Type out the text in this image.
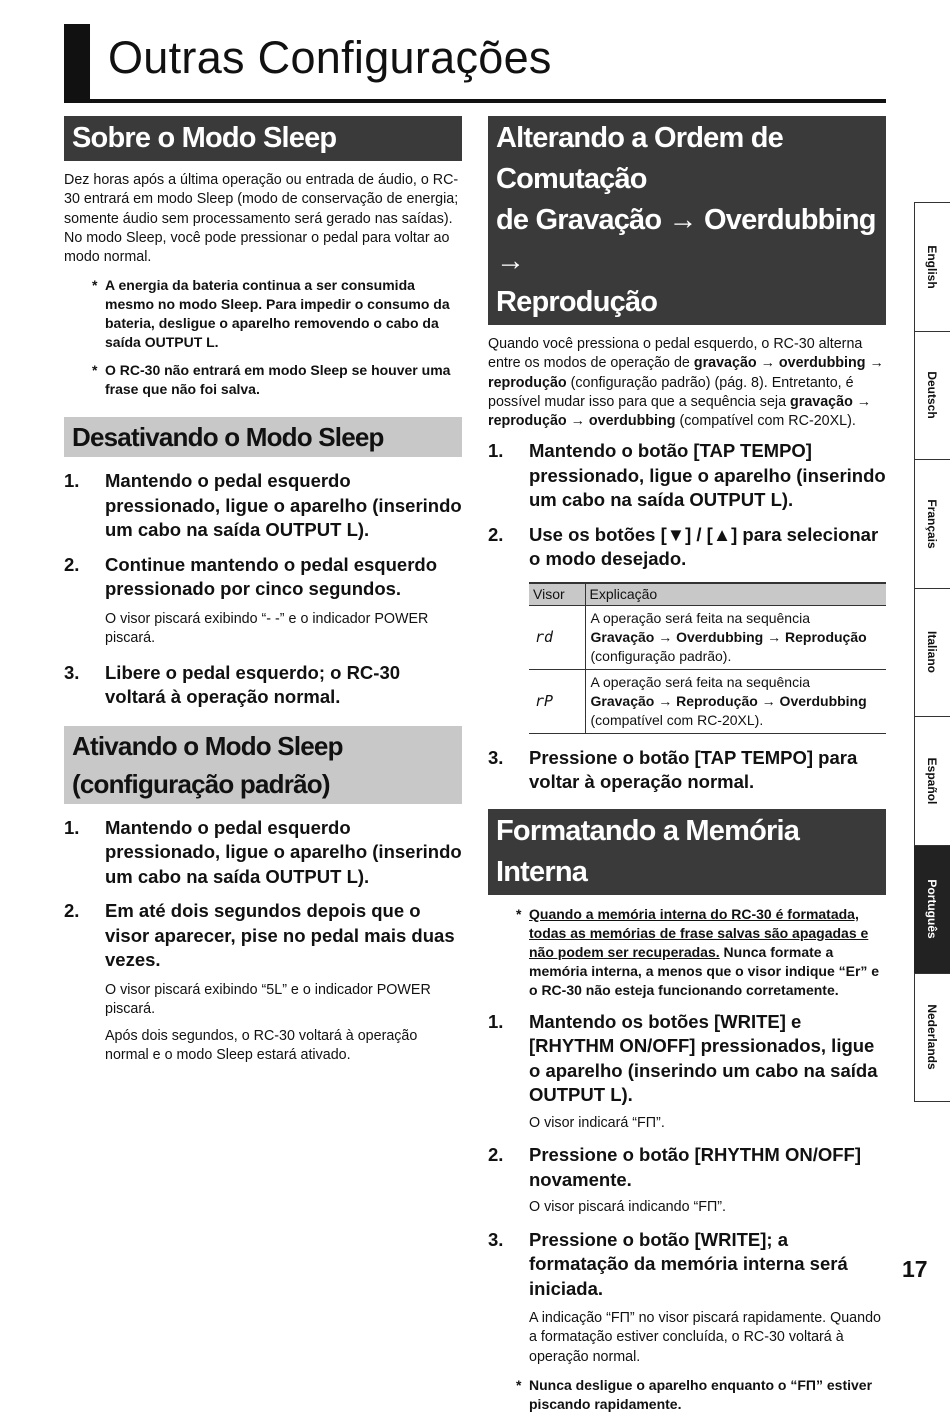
Outras Configurações
Sobre o Modo Sleep

Dez horas após a última operação ou entrada de áudio, o RC-30 entrará em modo Sleep (modo de conservação de energia; somente áudio sem processamento será gerado nas saídas). No modo Sleep, você pode pressionar o pedal para voltar ao modo normal.

* A energia da bateria continua a ser consumida mesmo no modo Sleep. Para impedir o consumo da bateria, desligue o aparelho removendo o cabo da saída OUTPUT L.
* O RC-30 não entrará em modo Sleep se houver uma frase que não foi salva.
Desativando o Modo Sleep
1.	Mantendo o pedal esquerdo pressionado, ligue o aparelho (inserindo um cabo na saída OUTPUT L).
2.	Continue mantendo o pedal esquerdo pressionado por cinco segundos.

O visor piscará exibindo “- -” e o indicador POWER piscará.

3.	Libere o pedal esquerdo; o RC-30 voltará à operação normal.
Ativando o Modo Sleep
(configuração padrão)
1.	Mantendo o pedal esquerdo pressionado, ligue o aparelho (inserindo um cabo na saída OUTPUT L).
2.	Em até dois segundos depois que o visor aparecer, pise no pedal mais duas vezes.

O visor piscará exibindo “5L” e o indicador POWER piscará.

Após dois segundos, o RC-30 voltará à operação normal e o modo Sleep estará ativado.

Alterando a Ordem de Comutação
de Gravação → Overdubbing →
Reprodução

Quando você pressiona o pedal esquerdo, o RC-30 alterna entre os modos de operação de gravação → overdubbing → reprodução (configuração padrão) (pág. 8). Entretanto, é possível mudar isso para que a sequência seja gravação → reprodução → overdubbing (compatível com RC-20XL).

1.	Mantendo o botão [TAP TEMPO] pressionado, ligue o aparelho (inserindo um cabo na saída OUTPUT L).
2.	Use os botões [▼] / [▲] para selecionar o modo desejado.
Visor	Explicação
rd	A operação será feita na sequência
Gravação → Overdubbing → Reprodução
(configuração padrão).
rP	A operação será feita na sequência
Gravação → Reprodução → Overdubbing
(compatível com RC-20XL).
3.	Pressione o botão [TAP TEMPO] para voltar à operação normal.
Formatando a Memória Interna
* Quando a memória interna do RC-30 é formatada, todas as memórias de frase salvas são apagadas e não podem ser recuperadas. Nunca formate a memória interna, a menos que o visor indique “Er” e o RC-30 não esteja funcionando corretamente.
1.	Mantendo os botões [WRITE] e [RHYTHM ON/OFF] pressionados, ligue o aparelho (inserindo um cabo na saída OUTPUT L).

O visor indicará “FП”.

2.	Pressione o botão [RHYTHM ON/OFF] novamente.

O visor piscará indicando “FП”.

3.	Pressione o botão [WRITE]; a formatação da memória interna será iniciada.

A indicação “FП” no visor piscará rapidamente. Quando a formatação estiver concluída, o RC-30 voltará à operação normal.

* Nunca desligue o aparelho enquanto o “FП” estiver piscando rapidamente.
English
Deutsch
Français
Italiano
Español
Português
Nederlands
17
